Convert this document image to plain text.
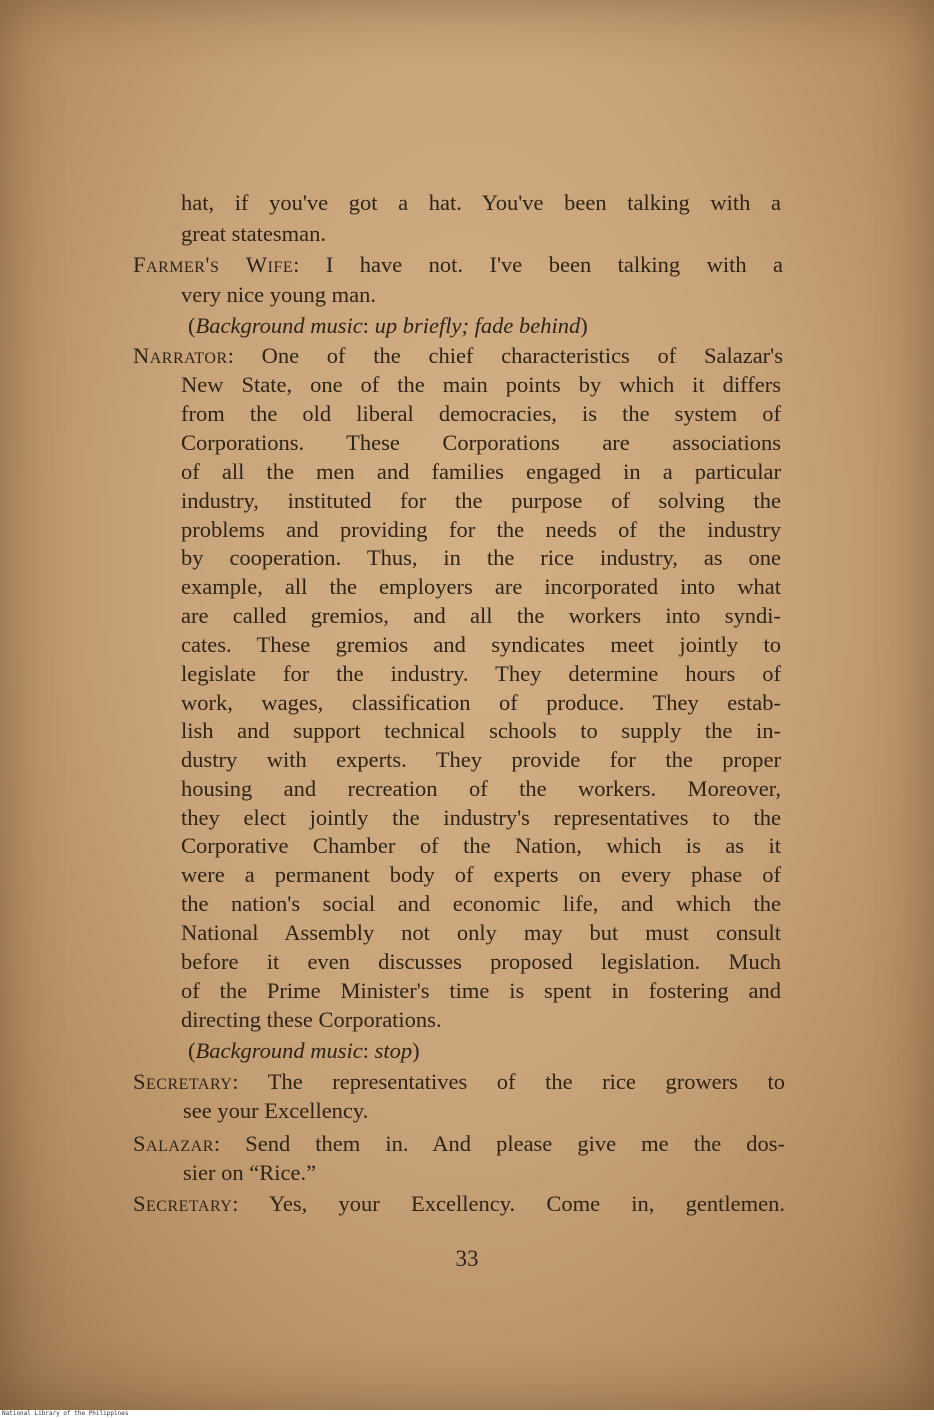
hat, if you've got a hat. You've been talking with a
great statesman.
Farmer's Wife: I have not. I've been talking with a
very nice young man.
(Background music: up briefly; fade behind)
Narrator: One of the chief characteristics of Salazar's
New State, one of the main points by which it differs
from the old liberal democracies, is the system of
Corporations. These Corporations are associations
of all the men and families engaged in a particular
industry, instituted for the purpose of solving the
problems and providing for the needs of the industry
by cooperation. Thus, in the rice industry, as one
example, all the employers are incorporated into what
are called gremios, and all the workers into syndi-
cates. These gremios and syndicates meet jointly to
legislate for the industry. They determine hours of
work, wages, classification of produce. They estab-
lish and support technical schools to supply the in-
dustry with experts. They provide for the proper
housing and recreation of the workers. Moreover,
they elect jointly the industry's representatives to the
Corporative Chamber of the Nation, which is as it
were a permanent body of experts on every phase of
the nation's social and economic life, and which the
National Assembly not only may but must consult
before it even discusses proposed legislation. Much
of the Prime Minister's time is spent in fostering and
directing these Corporations.
(Background music: stop)
Secretary: The representatives of the rice growers to
see your Excellency.
Salazar: Send them in. And please give me the dos-
sier on “Rice.”
Secretary: Yes, your Excellency. Come in, gentlemen.
33
National Library of the Philippines
